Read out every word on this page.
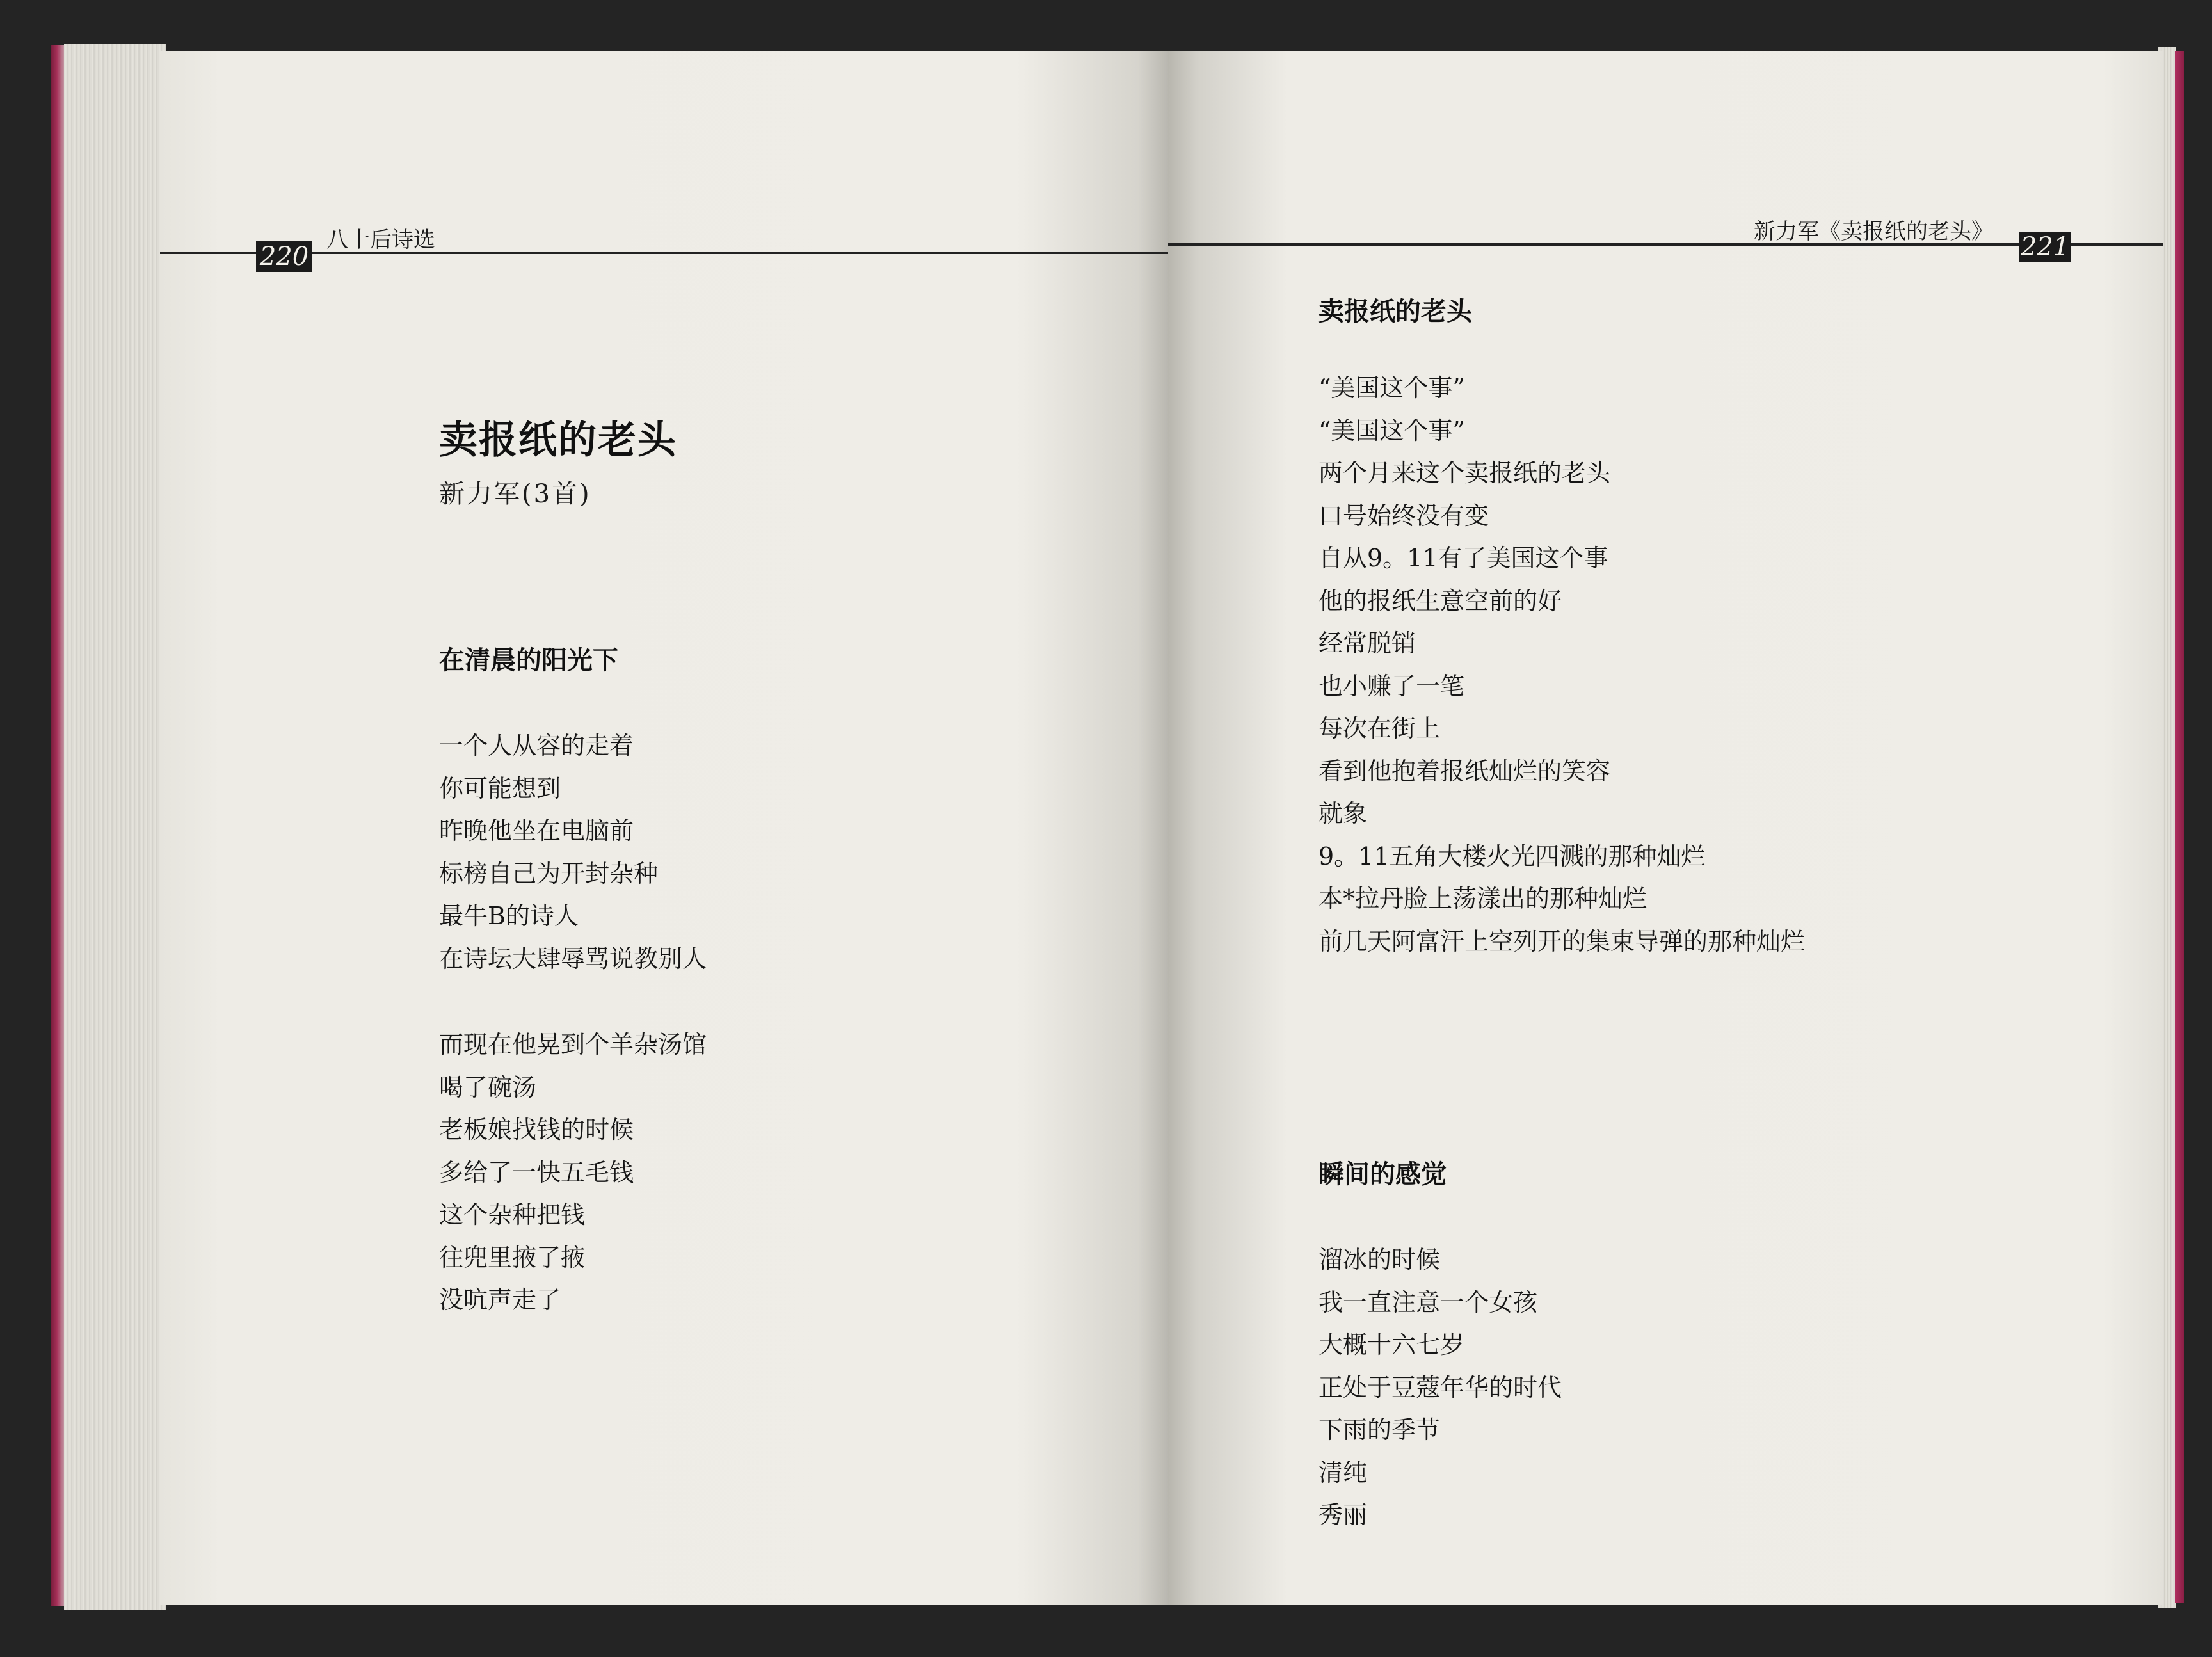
220
八十后诗选
卖报纸的老头
新力军(3首)
在清晨的阳光下
一个人从容的走着
你可能想到
昨晚他坐在电脑前
标榜自己为开封杂种
最牛B的诗人
在诗坛大肆辱骂说教别人
而现在他晃到个羊杂汤馆
喝了碗汤
老板娘找钱的时候
多给了一快五毛钱
这个杂种把钱
往兜里掖了掖
没吭声走了
新力军《卖报纸的老头》
221
卖报纸的老头
“美国这个事”
“美国这个事”
两个月来这个卖报纸的老头
口号始终没有变
自从9。11有了美国这个事
他的报纸生意空前的好
经常脱销
也小赚了一笔
每次在街上
看到他抱着报纸灿烂的笑容
就象
9。11五角大楼火光四溅的那种灿烂
本*拉丹脸上荡漾出的那种灿烂
前几天阿富汗上空列开的集束导弹的那种灿烂
瞬间的感觉
溜冰的时候
我一直注意一个女孩
大概十六七岁
正处于豆蔻年华的时代
下雨的季节
清纯
秀丽
